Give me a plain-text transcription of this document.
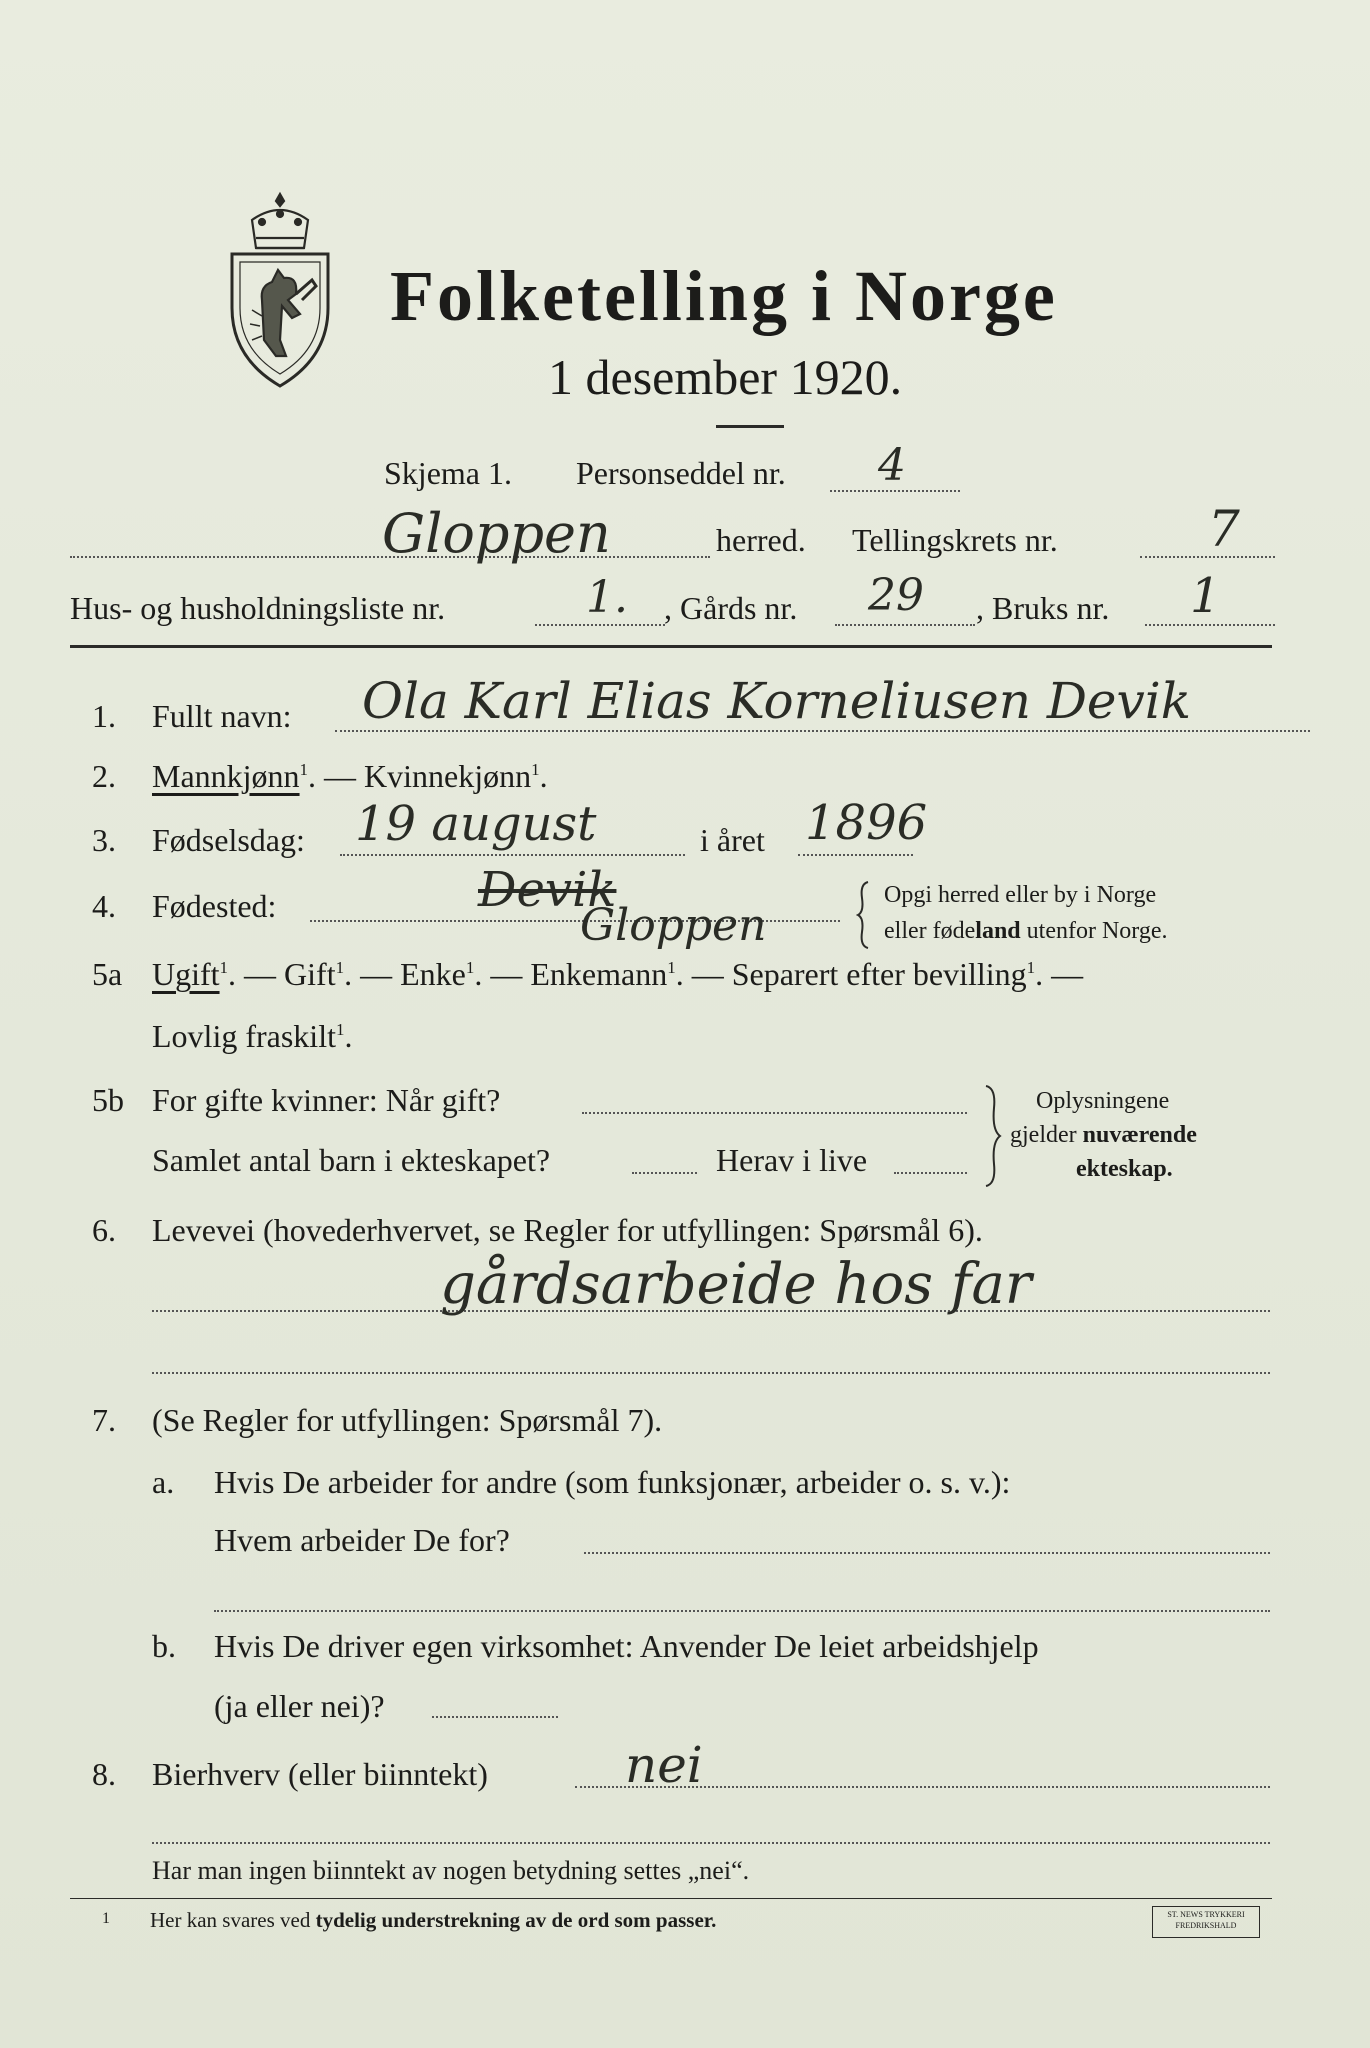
Folketelling i Norge
1 desember 1920.
Skjema 1. Personseddel nr. 4
Gloppen	herred. Tellingskrets nr.	7
Hus- og husholdningsliste nr.	1. , Gårds nr. 29 , Bruks nr. 1
1. Fullt navn: Ola Karl Elias Korneliusen Devik
2. Mannkjønn$^1$. — Kvinnekjønn$^1$.
3. Fødselsdag: 19 august	i året 1896
4. Fødested:	Devik
Gloppen
Opgi herred eller by i Norge
eller fødeland utenfor Norge.
5a Ugift$^1$. — Gift$^1$. — Enke$^1$. — Enkemann$^1$. — Separert efter bevilling$^1$. —
Lovlig fraskilt$^1$.
5b For gifte kvinner: Når gift?
Samlet antal barn i ekteskapet?	Herav i live
Oplysningene
gjelder nuværende
ekteskap.
6. Levevei (hovederhvervet, se Regler for utfyllingen: Spørsmål 6).
gårdsarbeide hos far
7. (Se Regler for utfyllingen: Spørsmål 7).
a. Hvis De arbeider for andre (som funksjonær, arbeider o. s. v.):
Hvem arbeider De for?
b. Hvis De driver egen virksomhet: Anvender De leiet arbeidshjelp
(ja eller nei)?
8. Bierhverv (eller biinntekt)	nei
Har man ingen biinntekt av nogen betydning settes „nei“.
1 Her kan svares ved tydelig understrekning av de ord som passer.	ST. NEWS TRYKKERI
FREDRIKSHALD
